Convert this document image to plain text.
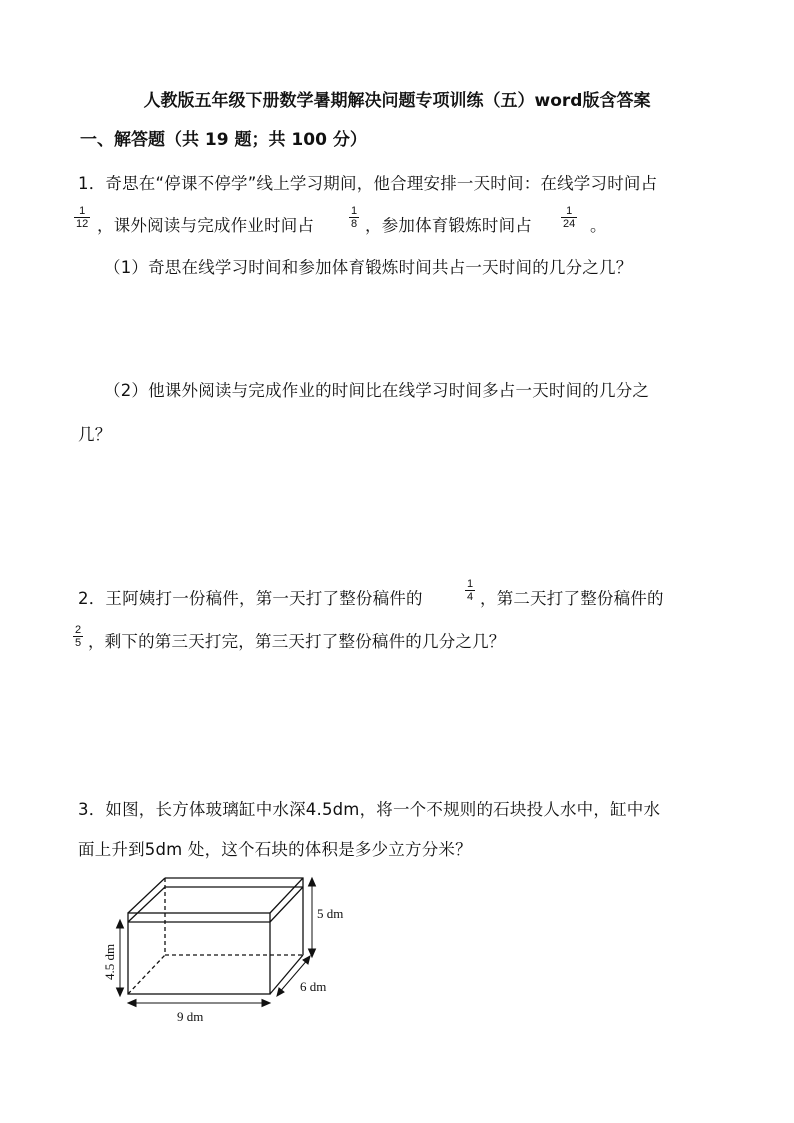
人教版五年级下册数学暑期解决问题专项训练（五）word版含答案
一、解答题（共 19 题；共 100 分）
1．奇思在“停课不停学”线上学习期间，他合理安排一天时间：在线学习时间占
$\frac{1}{12}$ ，课外阅读与完成作业时间占	$\frac{1}{8}$ ，参加体育锻炼时间占	$\frac{1}{24}$ 。
（1）奇思在线学习时间和参加体育锻炼时间共占一天时间的几分之几？
（2）他课外阅读与完成作业的时间比在线学习时间多占一天时间的几分之
几？
2．王阿姨打一份稿件，第一天打了整份稿件的	$\frac{1}{4}$ ，第二天打了整份稿件的
$\frac{2}{5}$ ，剩下的第三天打完，第三天打了整份稿件的几分之几？
3．如图，长方体玻璃缸中水深4.5dm，将一个不规则的石块投人水中，缸中水
面上升到5dm 处，这个石块的体积是多少立方分米？
5 dm
6 dm
9 dm
4.5 dm
